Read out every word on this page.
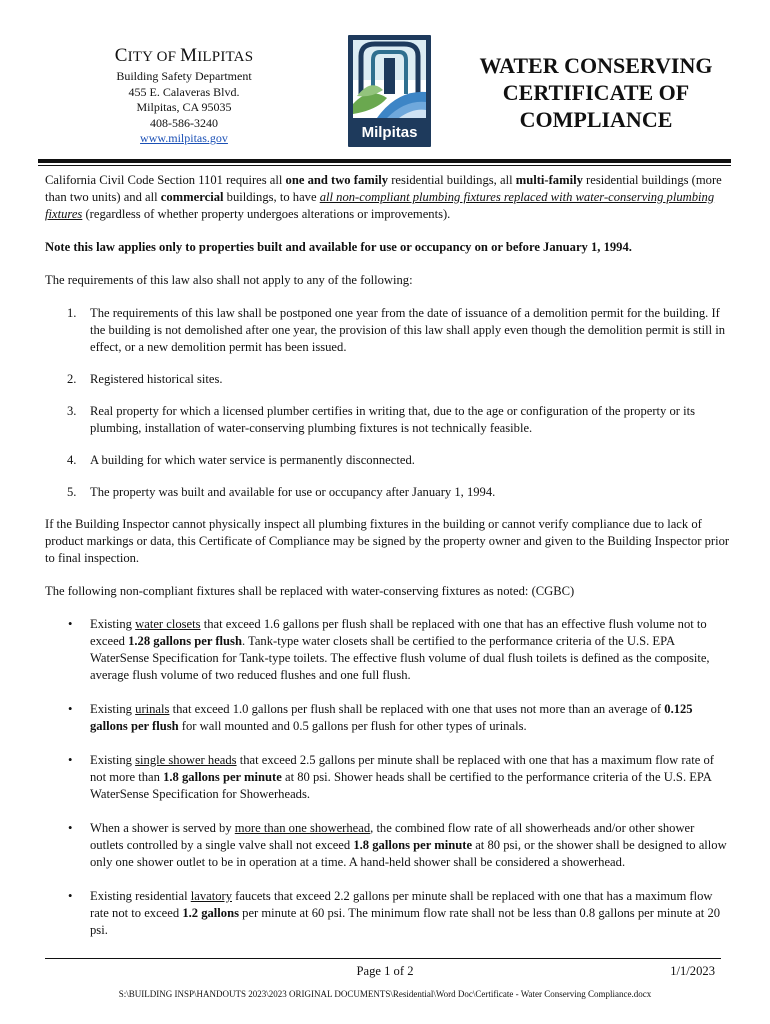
CITY OF MILPITAS
Building Safety Department
455 E. Calaveras Blvd.
Milpitas, CA 95035
408-586-3240
www.milpitas.gov	Milpitas
WATER CONSERVING
CERTIFICATE OF
COMPLIANCE

California Civil Code Section 1101 requires all one and two family residential buildings, all multi-family residential buildings (more than two units) and all commercial buildings, to have all non-compliant plumbing fixtures replaced with water-conserving plumbing fixtures (regardless of whether property undergoes alterations or improvements).

Note this law applies only to properties built and available for use or occupancy on or before January 1, 1994.

The requirements of this law also shall not apply to any of the following:

1. The requirements of this law shall be postponed one year from the date of issuance of a demolition permit for the building. If the building is not demolished after one year, the provision of this law shall apply even though the demolition permit is still in effect, or a new demolition permit has been issued.
2. Registered historical sites.
3. Real property for which a licensed plumber certifies in writing that, due to the age or configuration of the property or its plumbing, installation of water-conserving plumbing fixtures is not technically feasible.
4. A building for which water service is permanently disconnected.
5. The property was built and available for use or occupancy after January 1, 1994.

If the Building Inspector cannot physically inspect all plumbing fixtures in the building or cannot verify compliance due to lack of product markings or data, this Certificate of Compliance may be signed by the property owner and given to the Building Inspector prior to final inspection.

The following non-compliant fixtures shall be replaced with water-conserving fixtures as noted: (CGBC)

• Existing water closets that exceed 1.6 gallons per flush shall be replaced with one that has an effective flush volume not to exceed 1.28 gallons per flush. Tank-type water closets shall be certified to the performance criteria of the U.S. EPA WaterSense Specification for Tank-type toilets. The effective flush volume of dual flush toilets is defined as the composite, average flush volume of two reduced flushes and one full flush.
• Existing urinals that exceed 1.0 gallons per flush shall be replaced with one that uses not more than an average of 0.125 gallons per flush for wall mounted and 0.5 gallons per flush for other types of urinals.
• Existing single shower heads that exceed 2.5 gallons per minute shall be replaced with one that has a maximum flow rate of not more than 1.8 gallons per minute at 80 psi. Shower heads shall be certified to the performance criteria of the U.S. EPA WaterSense Specification for Showerheads.
• When a shower is served by more than one showerhead, the combined flow rate of all showerheads and/or other shower outlets controlled by a single valve shall not exceed 1.8 gallons per minute at 80 psi, or the shower shall be designed to allow only one shower outlet to be in operation at a time. A hand-held shower shall be considered a showerhead.
• Existing residential lavatory faucets that exceed 2.2 gallons per minute shall be replaced with one that has a maximum flow rate not to exceed 1.2 gallons per minute at 60 psi. The minimum flow rate shall not be less than 0.8 gallons per minute at 20 psi.
Page 1 of 2	1/1/2023
S:\BUILDING INSP\HANDOUTS 2023\2023 ORIGINAL DOCUMENTS\Residential\Word Doc\Certificate - Water Conserving Compliance.docx
